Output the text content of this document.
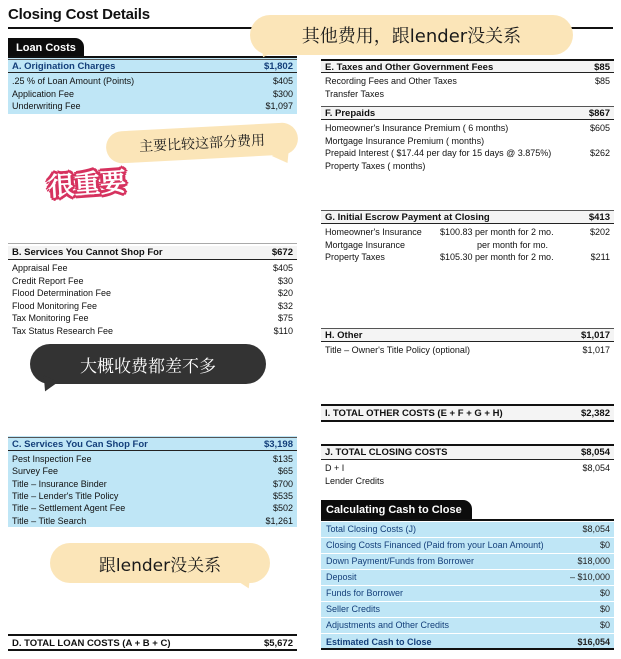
Closing Cost Details
Loan Costs
A. Origination Charges	$1,802
.25 % of Loan Amount (Points)	$405
Application Fee	$300
Underwriting Fee	$1,097
主要比较这部分费用
很重要
B. Services You Cannot Shop For	$672
Appraisal Fee	$405
Credit Report Fee	$30
Flood Determination Fee	$20
Flood Monitoring Fee	$32
Tax Monitoring Fee	$75
Tax Status Research Fee	$110
大概收费都差不多
C. Services You Can Shop For	$3,198
Pest Inspection Fee	$135
Survey Fee	$65
Title – Insurance Binder	$700
Title – Lender's Title Policy	$535
Title – Settlement Agent Fee	$502
Title – Title Search	$1,261
跟lender没关系
D. TOTAL LOAN COSTS (A + B + C)	$5,672
其他费用，跟lender没关系
E. Taxes and Other Government Fees	$85
Recording Fees and Other Taxes	$85
Transfer Taxes
F. Prepaids	$867
Homeowner's Insurance Premium ( 6 months)	$605
Mortgage Insurance Premium ( months)
Prepaid Interest ( $17.44 per day for 15 days @ 3.875%)	$262
Property Taxes ( months)
G. Initial Escrow Payment at Closing	$413
Homeowner's Insurance $100.83 per month for 2 mo.	$202
Mortgage Insurance	per month for mo.
Property Taxes	$105.30 per month for 2 mo.	$211
H. Other	$1,017
Title – Owner's Title Policy (optional)	$1,017
I. TOTAL OTHER COSTS (E + F + G + H)	$2,382
J. TOTAL CLOSING COSTS	$8,054
D + I	$8,054
Lender Credits
Calculating Cash to Close
Total Closing Costs (J)	$8,054
Closing Costs Financed (Paid from your Loan Amount)	$0
Down Payment/Funds from Borrower	$18,000
Deposit	– $10,000
Funds for Borrower	$0
Seller Credits	$0
Adjustments and Other Credits	$0
Estimated Cash to Close	$16,054
